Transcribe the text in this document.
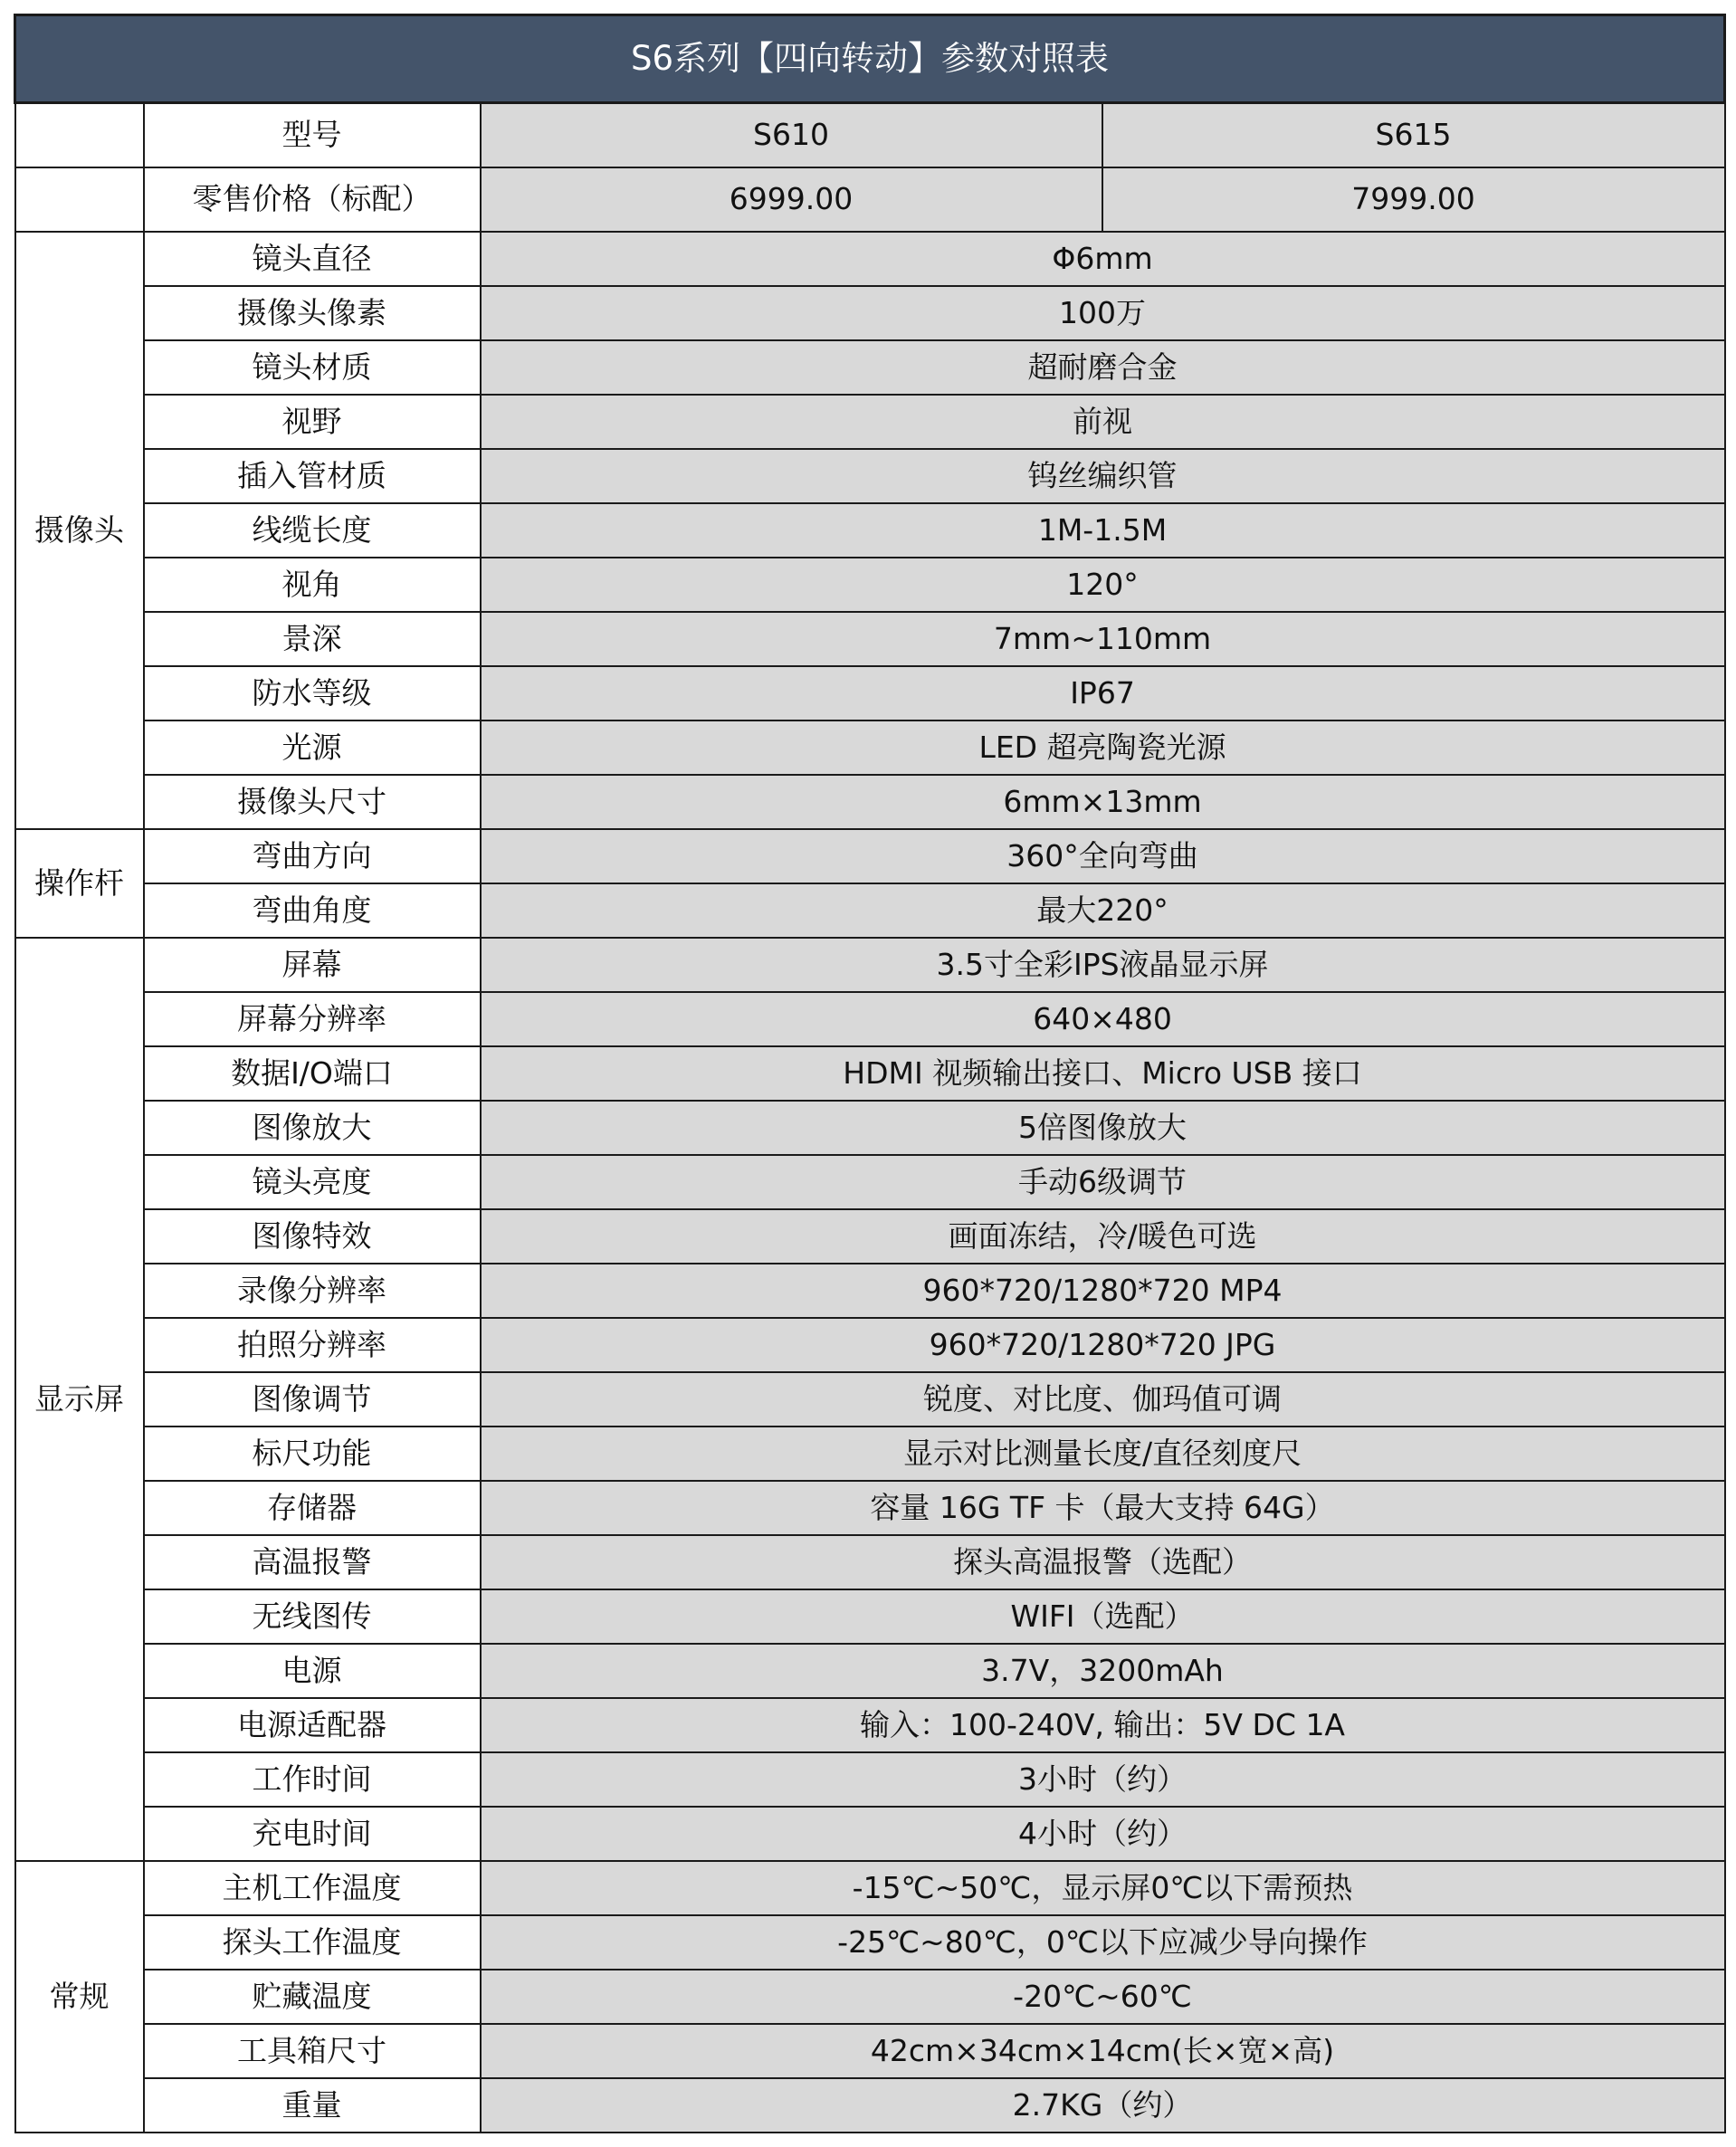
S6系列【四向转动】参数对照表			
	型号	S610	S615
	零售价格（标配）	6999.00	7999.00
摄像头	镜头直径	Φ6mm	
	摄像头像素	100万	
	镜头材质	超耐磨合金	
	视野	前视	
	插入管材质	钨丝编织管	
	线缆长度	1M-1.5M	
	视角	120°	
	景深	7mm~110mm	
	防水等级	IP67	
	光源	LED 超亮陶瓷光源	
	摄像头尺寸	6mm×13mm	
操作杆	弯曲方向	360°全向弯曲	
	弯曲角度	最大220°	
显示屏	屏幕	3.5寸全彩IPS液晶显示屏	
	屏幕分辨率	640×480	
	数据I/O端口	HDMI 视频输出接口、Micro USB 接口	
	图像放大	5倍图像放大	
	镜头亮度	手动6级调节	
	图像特效	画面冻结，冷/暖色可选	
	录像分辨率	960*720/1280*720 MP4	
	拍照分辨率	960*720/1280*720 JPG	
	图像调节	锐度、对比度、伽玛值可调	
	标尺功能	显示对比测量长度/直径刻度尺	
	存储器	容量 16G TF 卡（最大支持 64G）	
	高温报警	探头高温报警（选配）	
	无线图传	WIFI（选配）	
	电源	3.7V，3200mAh	
	电源适配器	输入：100-240V, 输出：5V DC 1A	
	工作时间	3小时（约）	
	充电时间	4小时（约）	
常规	主机工作温度	-15℃~50℃，显示屏0℃以下需预热	
	探头工作温度	-25℃~80℃，0℃以下应减少导向操作	
	贮藏温度	-20℃~60℃	
	工具箱尺寸	42cm×34cm×14cm(长×宽×高)	
	重量	2.7KG（约）	
